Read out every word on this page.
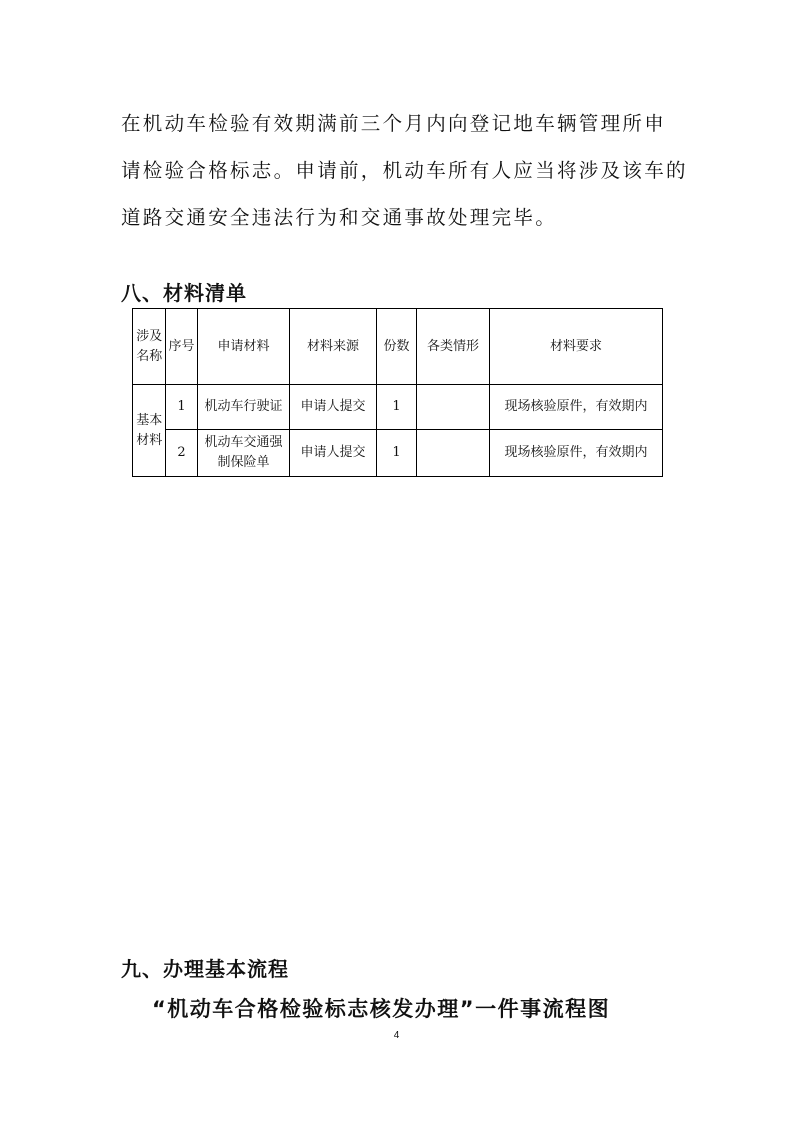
在机动车检验有效期满前三个月内向登记地车辆管理所申
请检验合格标志。申请前，机动车所有人应当将涉及该车的
道路交通安全违法行为和交通事故处理完毕。
八、材料清单
涉及名称	序号	申请材料	材料来源	份数	各类情形	材料要求
基本材料	1	机动车行驶证	申请人提交	1		现场核验原件，有效期内
	2	机动车交通强制保险单	申请人提交	1		现场核验原件，有效期内
九、办理基本流程
“机动车合格检验标志核发办理”一件事流程图
4
